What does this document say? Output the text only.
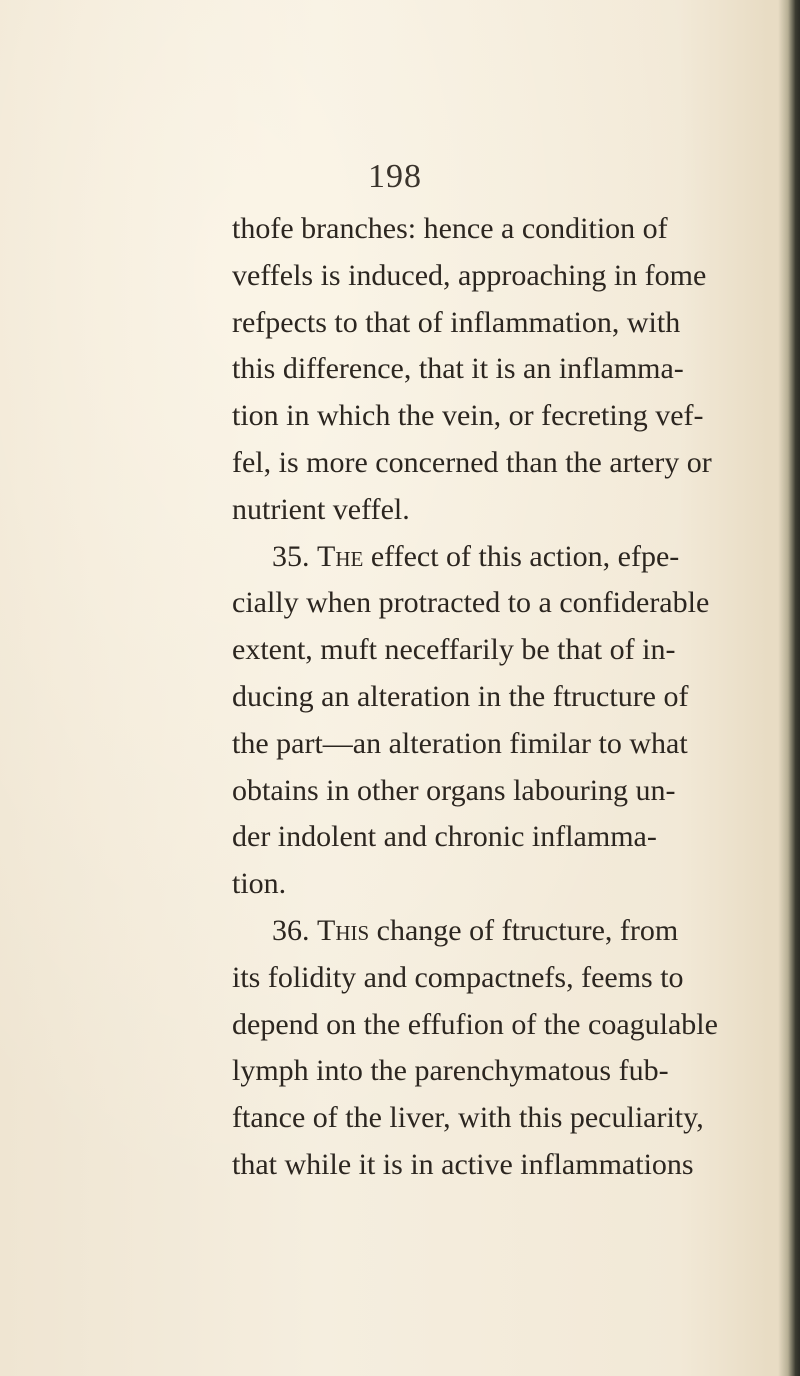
198
thofe branches: hence a condition of
veffels is induced, approaching in fome
refpects to that of inflammation, with
this difference, that it is an inflamma-
tion in which the vein, or fecreting vef-
fel, is more concerned than the artery or
nutrient veffel.
35. The effect of this action, efpe-
cially when protracted to a confiderable
extent, muft neceffarily be that of in-
ducing an alteration in the ftructure of
the part—an alteration fimilar to what
obtains in other organs labouring un-
der indolent and chronic inflamma-
tion.
36. This change of ftructure, from
its folidity and compactnefs, feems to
depend on the effufion of the coagulable
lymph into the parenchymatous fub-
ftance of the liver, with this peculiarity,
that while it is in active inflammations
